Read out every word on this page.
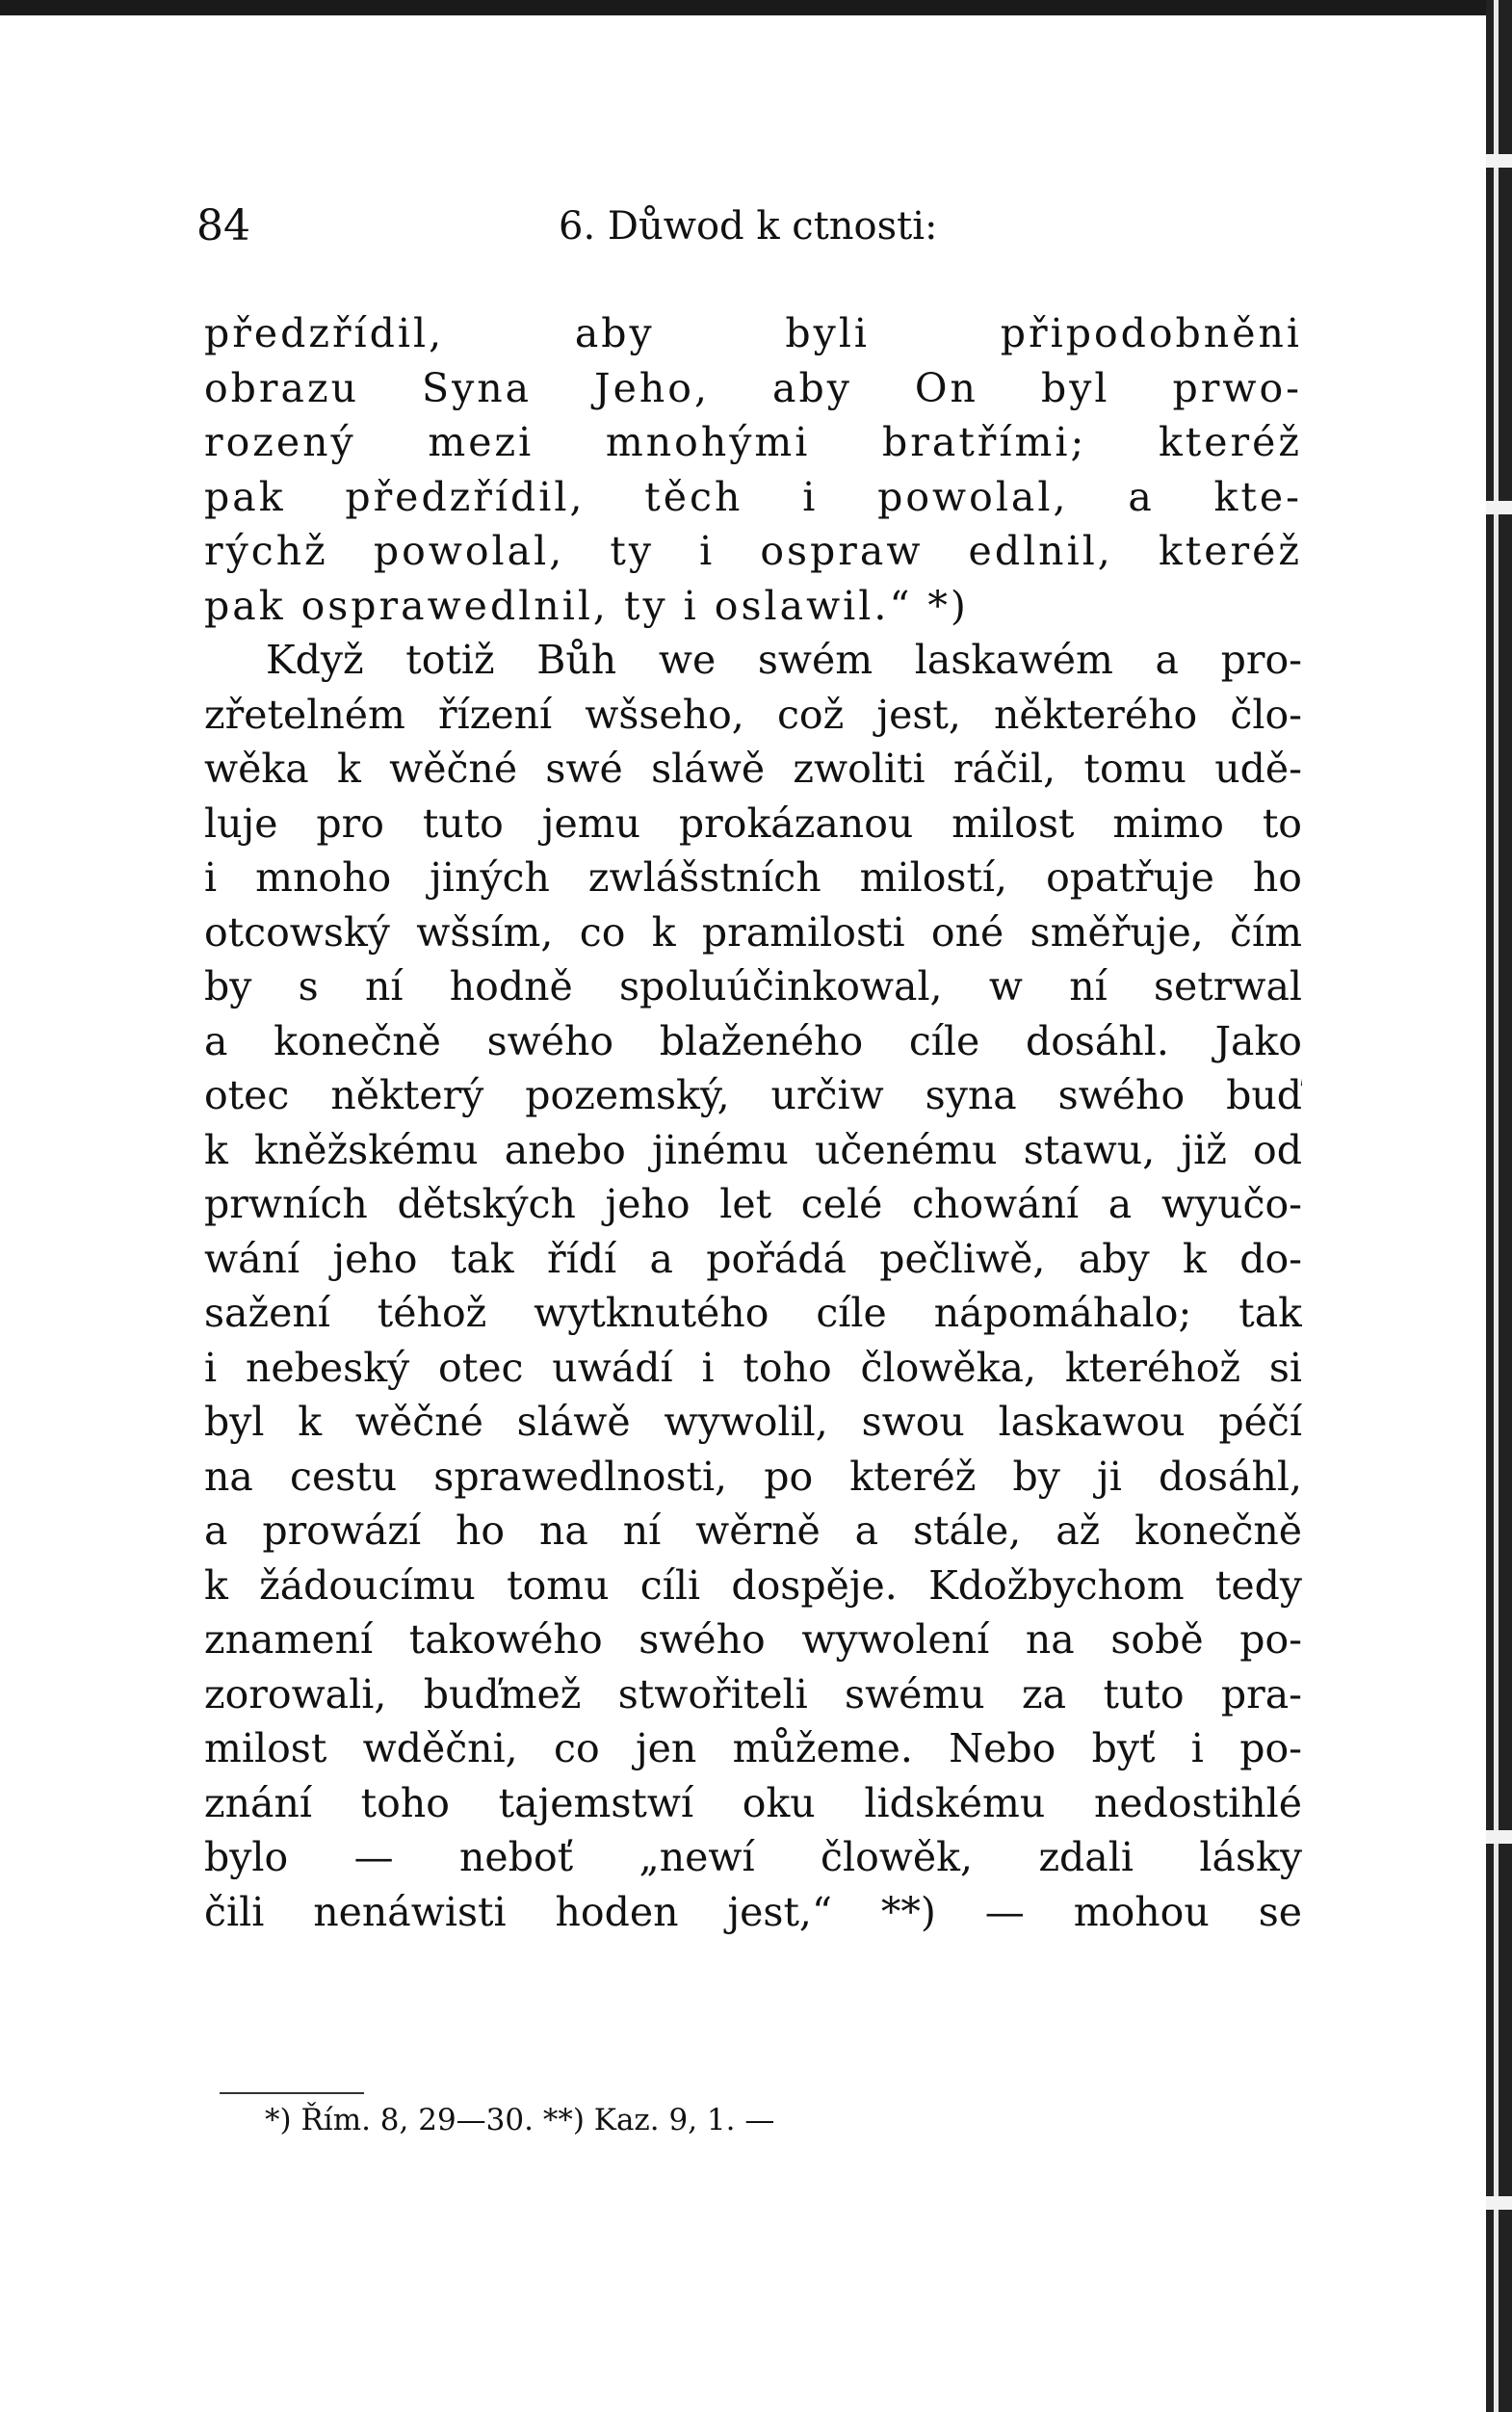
84	6. Důwod k ctnosti:
předzřídil, aby byli připodobněni
obrazu Syna Jeho, aby On byl prwo-
rozený mezi mnohými bratřími; kteréž
pak předzřídil, těch i powolal, a kte-
rýchž powolal, ty i ospraw edlnil, kteréž
pak osprawedlnil, ty i oslawil.“ *)
Když totiž Bůh we swém laskawém a pro-
zřetelném řízení wšseho, což jest, některého člo-
wěka k wěčné swé sláwě zwoliti ráčil, tomu udě-
luje pro tuto jemu prokázanou milost mimo to
i mnoho jiných zwlášstních milostí, opatřuje ho
otcowský wšsím, co k pramilosti oné směřuje, čím
by s ní hodně spoluúčinkowal, w ní setrwal
a konečně swého blaženého cíle dosáhl. Jako
otec některý pozemský, určiw syna swého buď
k kněžskému anebo jinému učenému stawu, již od
prwních dětských jeho let celé chowání a wyučo-
wání jeho tak řídí a pořádá pečliwě, aby k do-
sažení téhož wytknutého cíle nápomáhalo; tak
i nebeský otec uwádí i toho člowěka, kteréhož si
byl k wěčné sláwě wywolil, swou laskawou péčí
na cestu sprawedlnosti, po kteréž by ji dosáhl,
a prowází ho na ní wěrně a stále, až konečně
k žádoucímu tomu cíli dospěje. Kdožbychom tedy
znamení takowého swého wywolení na sobě po-
zorowali, buďmež stwořiteli swému za tuto pra-
milost wděčni, co jen můžeme. Nebo byť i po-
znání toho tajemstwí oku lidskému nedostihlé
bylo — neboť „newí člowěk, zdali lásky
čili nenáwisti hoden jest,“ **) — mohou se
*) Řím. 8, 29—30. **) Kaz. 9, 1. —
